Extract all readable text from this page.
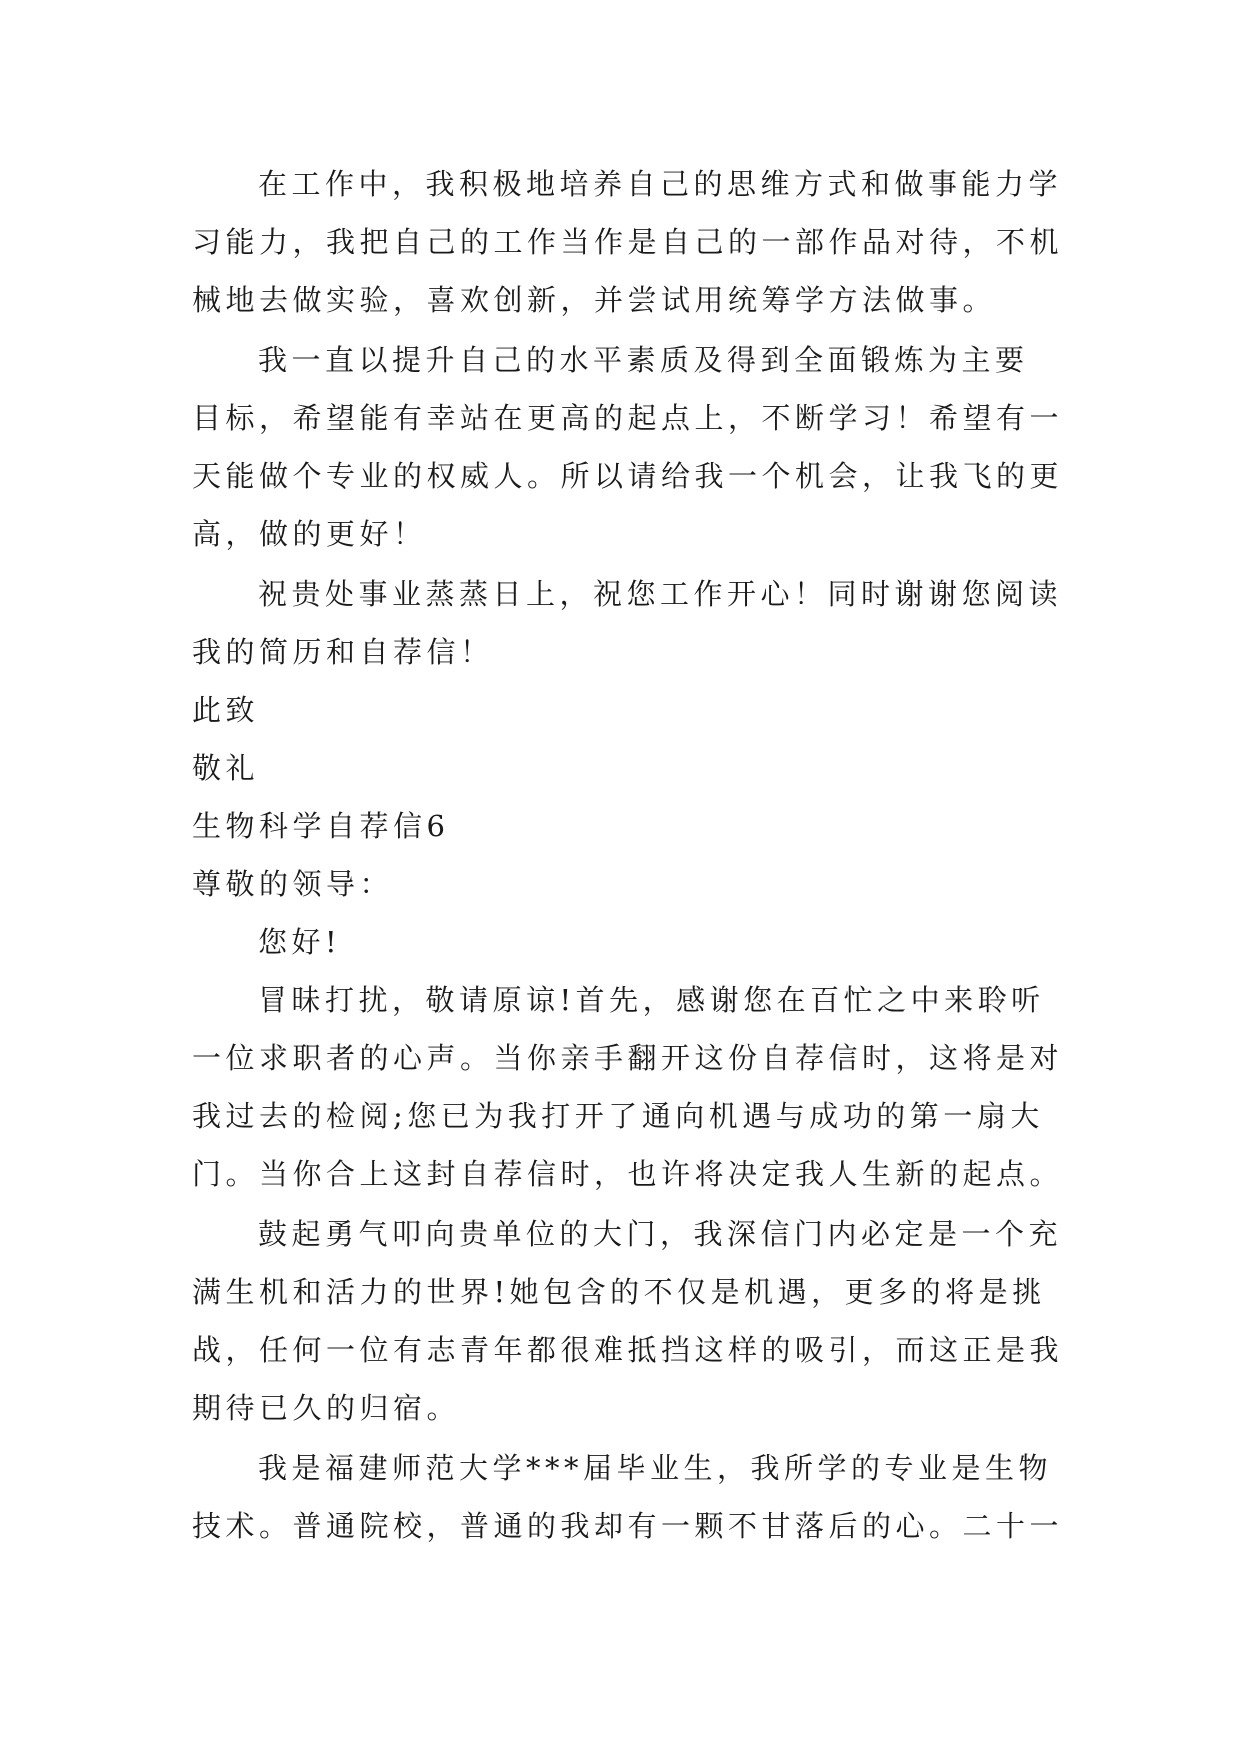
在工作中，我积极地培养自己的思维方式和做事能力学
习能力，我把自己的工作当作是自己的一部作品对待，不机
械地去做实验，喜欢创新，并尝试用统筹学方法做事。
我一直以提升自己的水平素质及得到全面锻炼为主要
目标，希望能有幸站在更高的起点上，不断学习！希望有一
天能做个专业的权威人。所以请给我一个机会，让我飞的更
高，做的更好！
祝贵处事业蒸蒸日上，祝您工作开心！同时谢谢您阅读
我的简历和自荐信！
此致
敬礼
生物科学自荐信6
尊敬的领导：
您好!
冒昧打扰，敬请原谅!首先，感谢您在百忙之中来聆听
一位求职者的心声。当你亲手翻开这份自荐信时，这将是对
我过去的检阅;您已为我打开了通向机遇与成功的第一扇大
门。当你合上这封自荐信时，也许将决定我人生新的起点。
鼓起勇气叩向贵单位的大门，我深信门内必定是一个充
满生机和活力的世界!她包含的不仅是机遇，更多的将是挑
战，任何一位有志青年都很难抵挡这样的吸引，而这正是我
期待已久的归宿。
我是福建师范大学***届毕业生，我所学的专业是生物
技术。普通院校，普通的我却有一颗不甘落后的心。二十一
